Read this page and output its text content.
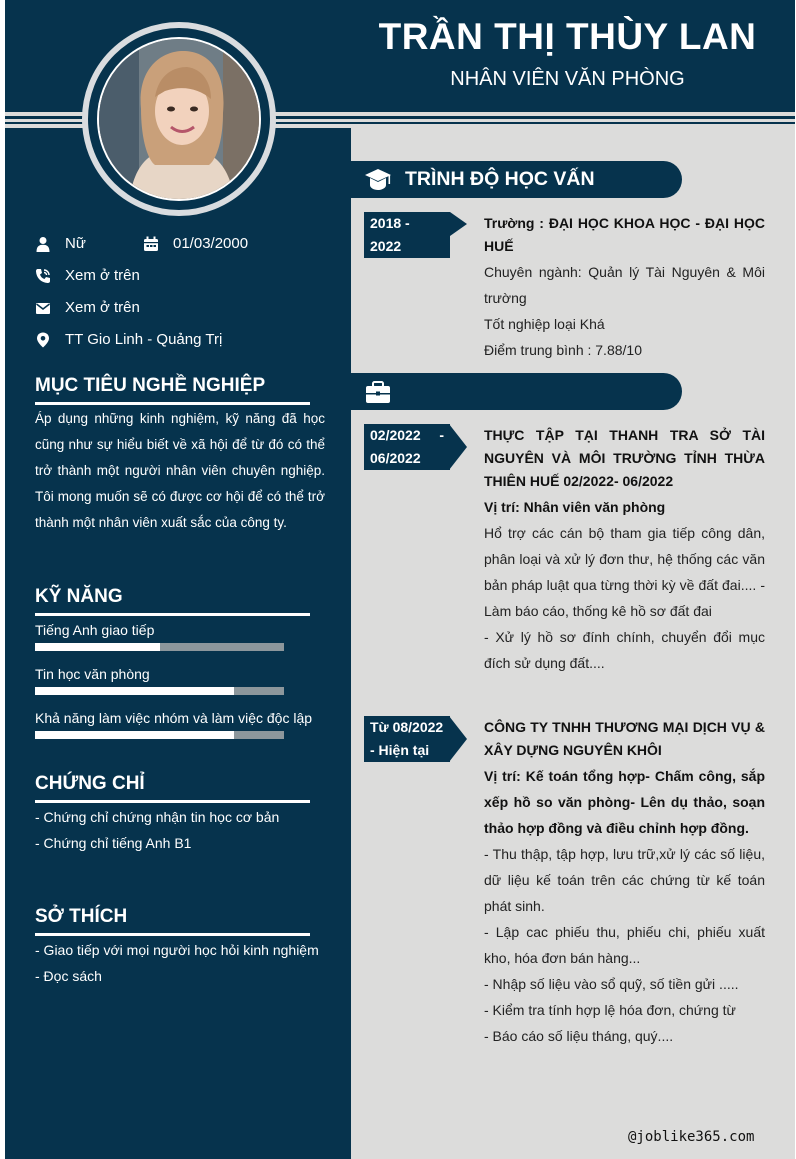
TRẦN THỊ THÙY LAN
NHÂN VIÊN VĂN PHÒNG
Nữ	01/03/2000
Xem ở trên
Xem ở trên
TT Gio Linh - Quảng Trị
MỤC TIÊU NGHỀ NGHIỆP
Áp dụng những kinh nghiệm, kỹ năng đã học cũng như sự hiểu biết về xã hội để từ đó có thể trở thành một người nhân viên chuyên nghiệp. Tôi mong muốn sẽ có được cơ hội để có thể trở thành một nhân viên xuất sắc của công ty.
KỸ NĂNG
Tiếng Anh giao tiếp
Tin học văn phòng
Khả năng làm việc nhóm và làm việc độc lập
CHỨNG CHỈ
- Chứng chỉ chứng nhận tin học cơ bản
- Chứng chỉ tiếng Anh B1
SỞ THÍCH
- Giao tiếp với mọi người học hỏi kinh nghiệm
- Đọc sách
TRÌNH ĐỘ HỌC VẤN
2018 - 2022
Trường : ĐẠI HỌC KHOA HỌC - ĐẠI HỌC HUẾ
Chuyên ngành: Quản lý Tài Nguyên & Môi trường
Tốt nghiệp loại Khá
Điểm trung bình : 7.88/10
02/2022 -
06/2022
THỰC TẬP TẠI THANH TRA SỞ TÀI NGUYÊN VÀ MÔI TRƯỜNG TỈNH THỪA THIÊN HUẾ 02/2022- 06/2022
Vị trí: Nhân viên văn phòng
Hổ trợ các cán bộ tham gia tiếp công dân, phân loại và xử lý đơn thư, hệ thống các văn bản pháp luật qua từng thời kỳ về đất đai.... - Làm báo cáo, thống kê hồ sơ đất đai
- Xử lý hồ sơ đính chính, chuyển đổi mục đích sử dụng đất....
Từ 08/2022
- Hiện tại
CÔNG TY TNHH THƯƠNG MẠI DỊCH VỤ & XÂY DỰNG NGUYÊN KHÔI
Vị trí: Kế toán tổng hợp- Chấm công, sắp xếp hồ so văn phòng- Lên dụ thảo, soạn thảo hợp đồng và điều chỉnh hợp đồng.
- Thu thập, tập hợp, lưu trữ,xử lý các số liệu, dữ liệu kế toán trên các chứng từ kế toán phát sinh.
- Lập cac phiếu thu, phiếu chi, phiếu xuất kho, hóa đơn bán hàng...
- Nhập số liệu vào sổ quỹ, số tiền gửi .....
- Kiểm tra tính hợp lệ hóa đơn, chứng từ
- Báo cáo số liệu tháng, quý....
@joblike365.com
